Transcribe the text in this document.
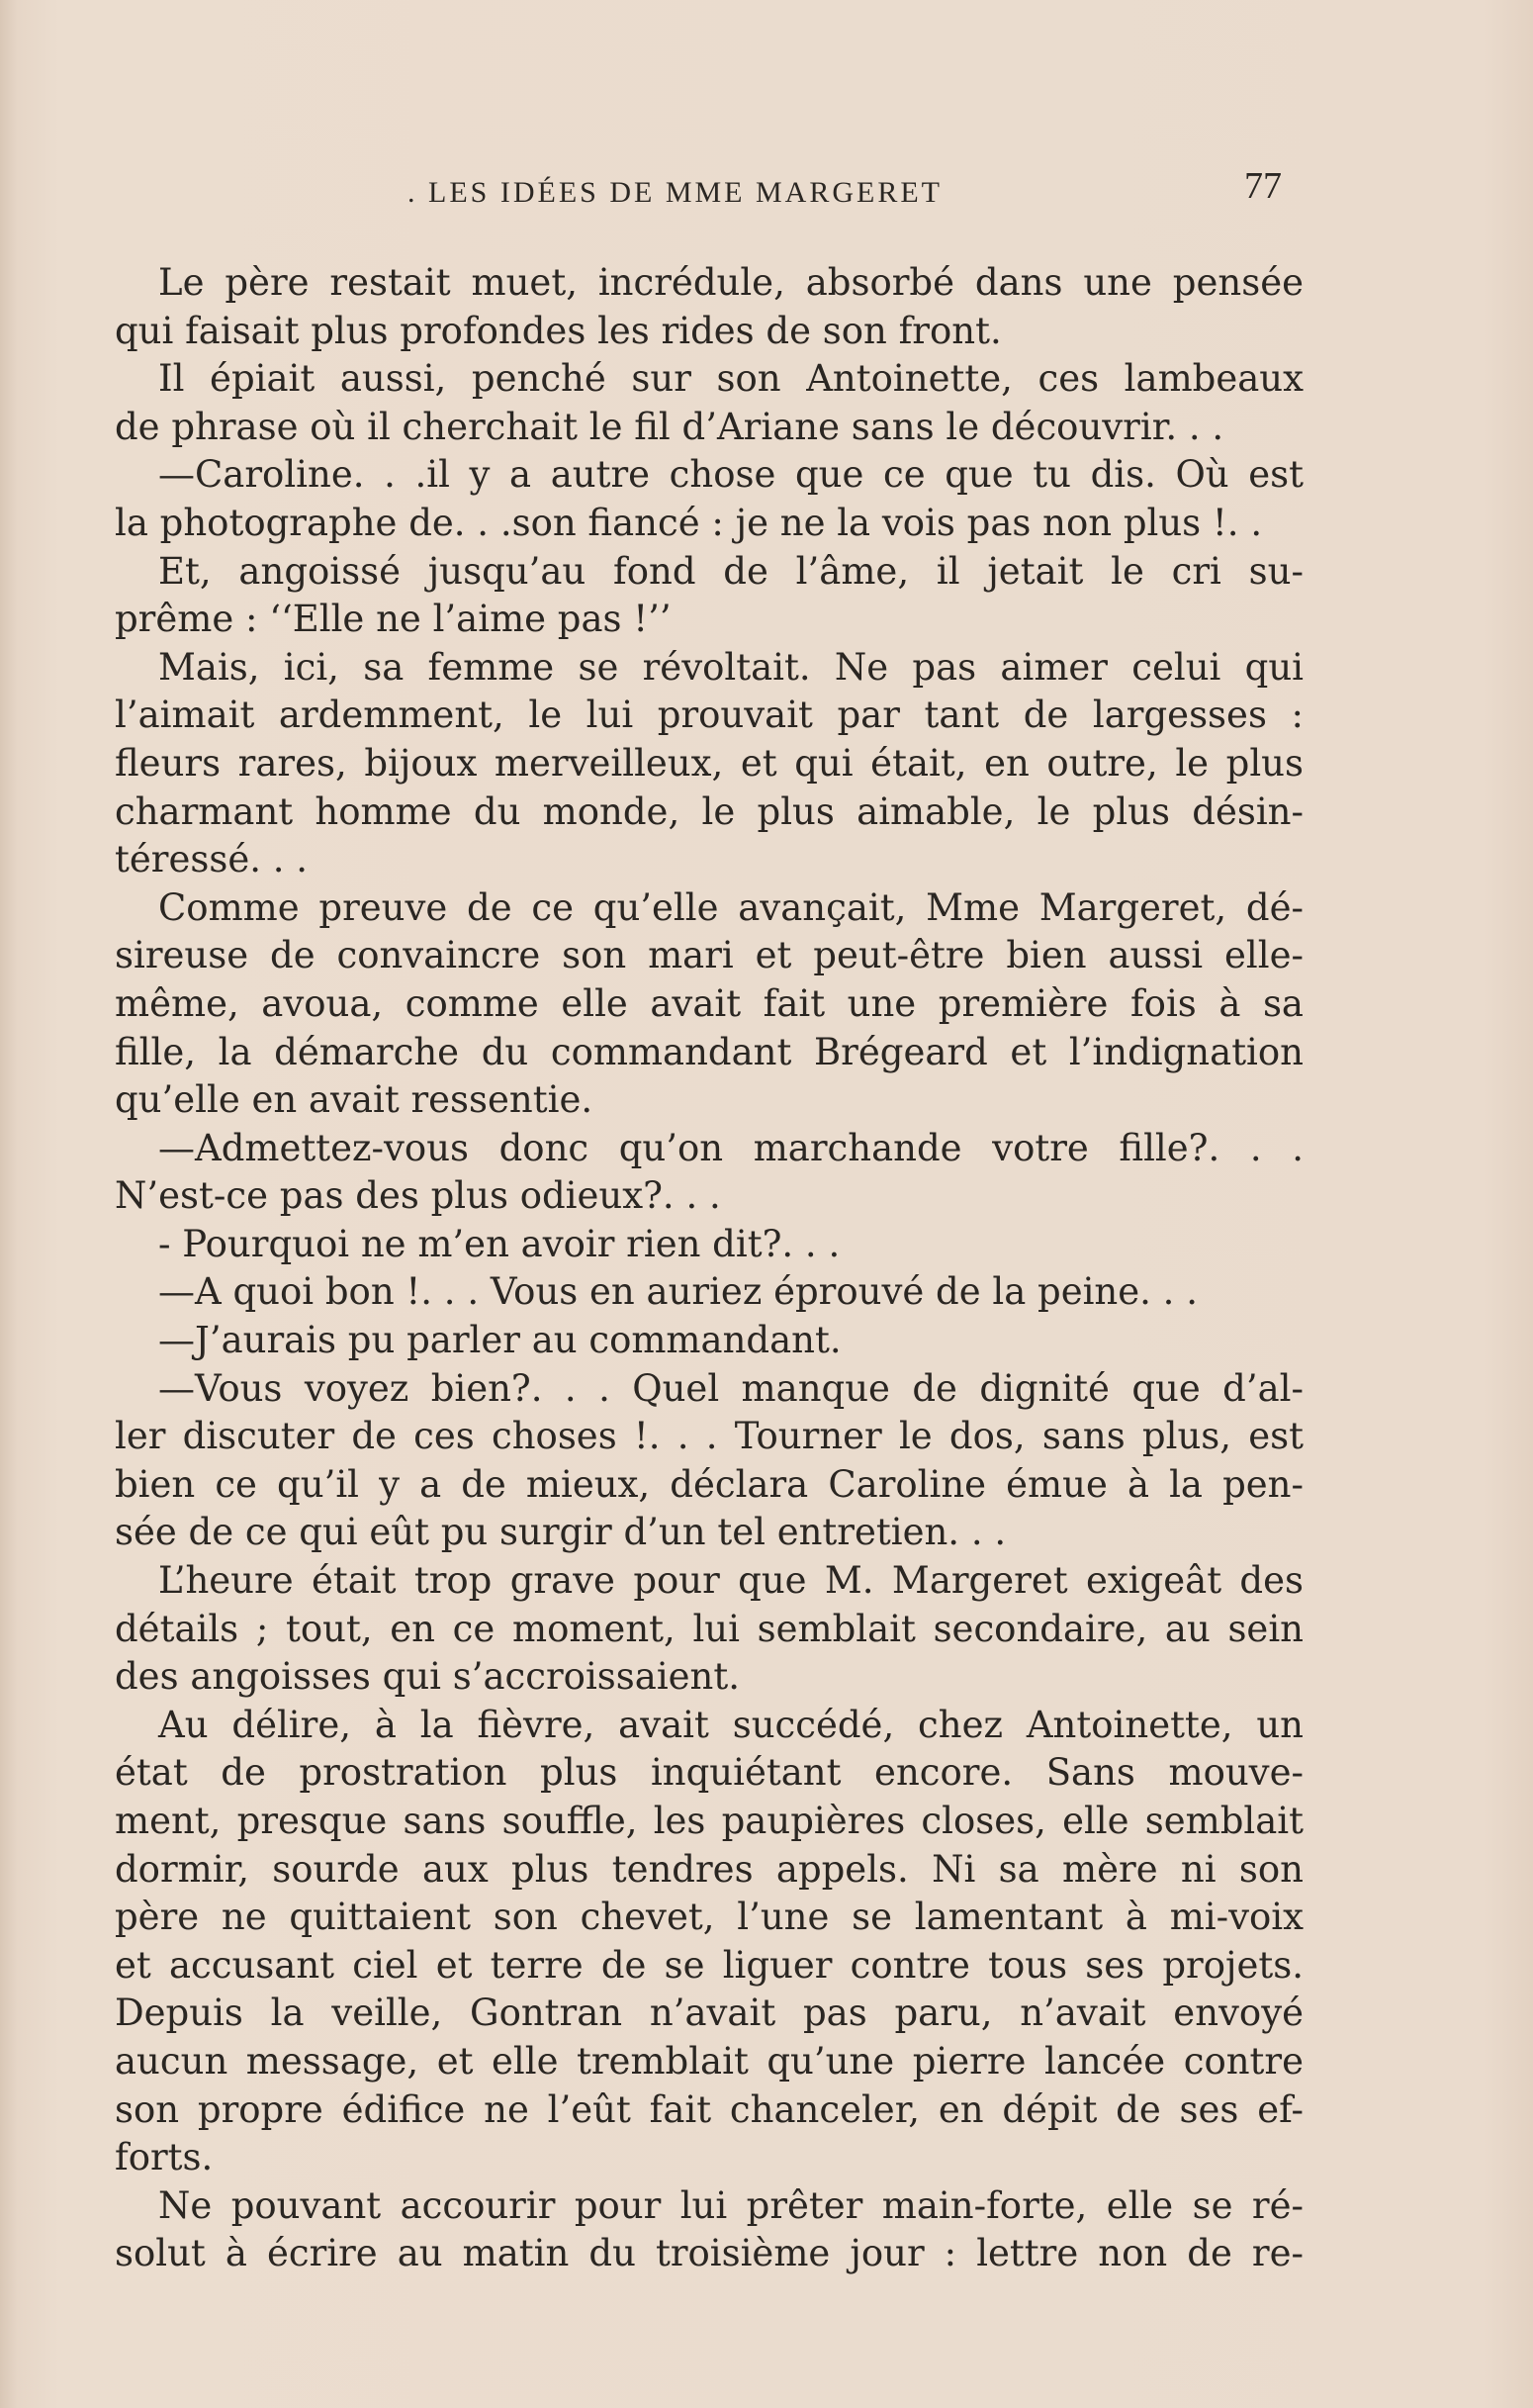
. LES IDÉES DE MME MARGERET	77
Le père restait muet, incrédule, absorbé dans une pensée
qui faisait plus profondes les rides de son front.
Il épiait aussi, penché sur son Antoinette, ces lambeaux
de phrase où il cherchait le fil d’Ariane sans le découvrir. . .
—Caroline. . .il y a autre chose que ce que tu dis. Où est
la photographe de. . .son fiancé : je ne la vois pas non plus !. .
Et, angoissé jusqu’au fond de l’âme, il jetait le cri su-
prême : ‘‘Elle ne l’aime pas !’’
Mais, ici, sa femme se révoltait. Ne pas aimer celui qui
l’aimait ardemment, le lui prouvait par tant de largesses :
fleurs rares, bijoux merveilleux, et qui était, en outre, le plus
charmant homme du monde, le plus aimable, le plus désin-
téressé. . .
Comme preuve de ce qu’elle avançait, Mme Margeret, dé-
sireuse de convaincre son mari et peut-être bien aussi elle-
même, avoua, comme elle avait fait une première fois à sa
fille, la démarche du commandant Brégeard et l’indignation
qu’elle en avait ressentie.
—Admettez-vous donc qu’on marchande votre fille?. . .
N’est-ce pas des plus odieux?. . .
- Pourquoi ne m’en avoir rien dit?. . .
—A quoi bon !. . . Vous en auriez éprouvé de la peine. . .
—J’aurais pu parler au commandant.
—Vous voyez bien?. . . Quel manque de dignité que d’al-
ler discuter de ces choses !. . . Tourner le dos, sans plus, est
bien ce qu’il y a de mieux, déclara Caroline émue à la pen-
sée de ce qui eût pu surgir d’un tel entretien. . .
L’heure était trop grave pour que M. Margeret exigeât des
détails ; tout, en ce moment, lui semblait secondaire, au sein
des angoisses qui s’accroissaient.
Au délire, à la fièvre, avait succédé, chez Antoinette, un
état de prostration plus inquiétant encore. Sans mouve-
ment, presque sans souffle, les paupières closes, elle semblait
dormir, sourde aux plus tendres appels. Ni sa mère ni son
père ne quittaient son chevet, l’une se lamentant à mi-voix
et accusant ciel et terre de se liguer contre tous ses projets.
Depuis la veille, Gontran n’avait pas paru, n’avait envoyé
aucun message, et elle tremblait qu’une pierre lancée contre
son propre édifice ne l’eût fait chanceler, en dépit de ses ef-
forts.
Ne pouvant accourir pour lui prêter main-forte, elle se ré-
solut à écrire au matin du troisième jour : lettre non de re-
